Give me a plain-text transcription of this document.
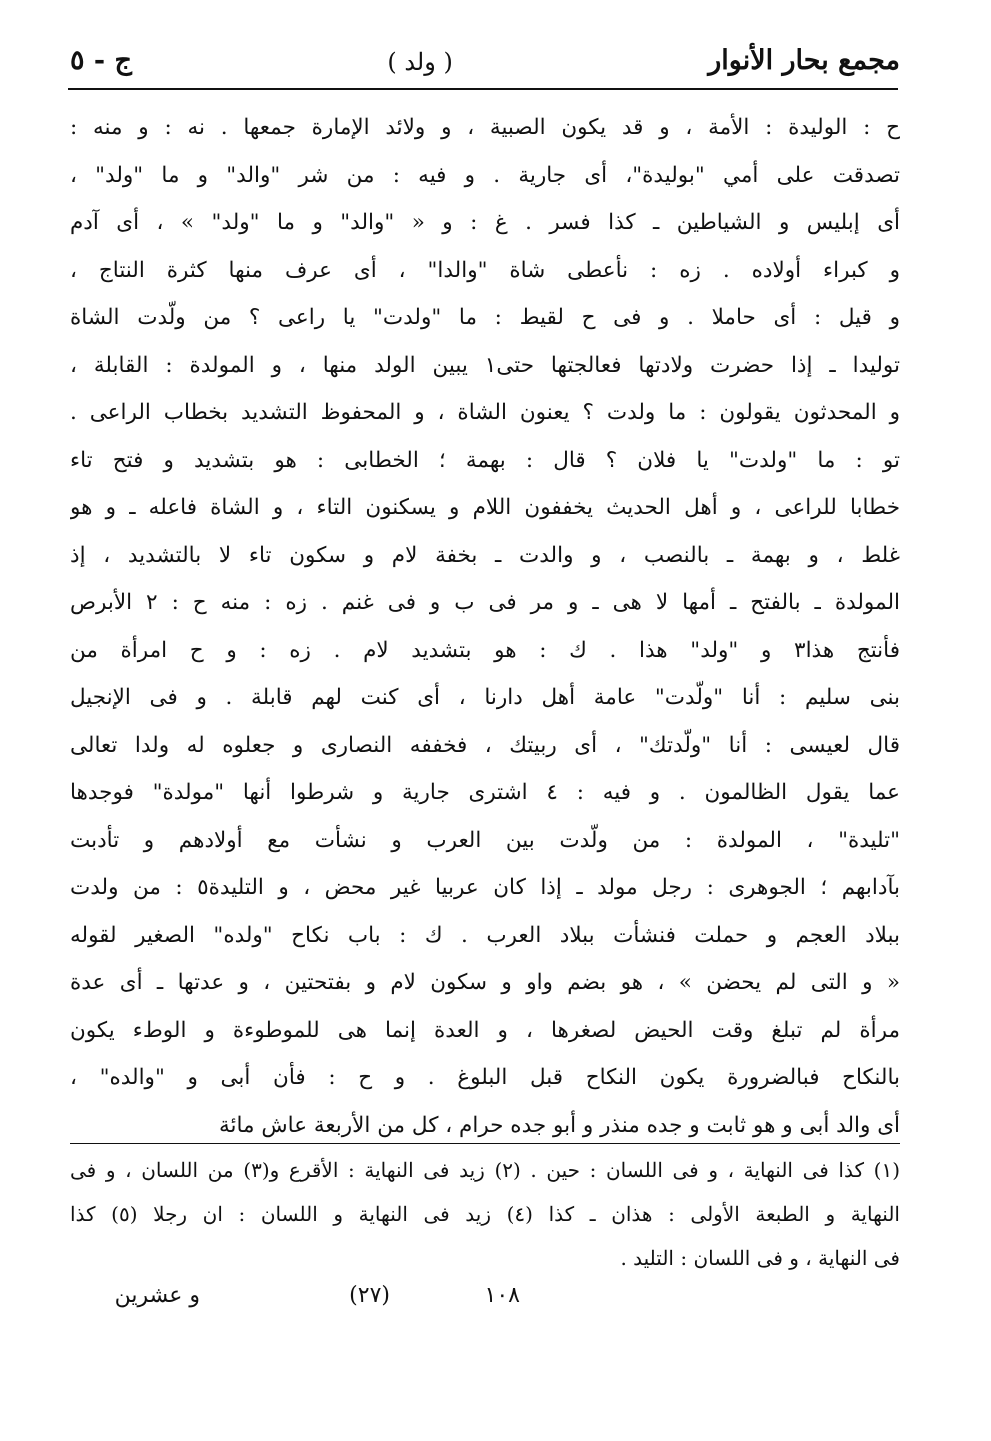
مجمع بحار الأنوار
( ولد )
ج - ٥
ح : الوليدة : الأمة ، و قد يكون الصبية ، و ولائد الإمارة جمعها . نه : و منه :
تصدقت على أمي "بوليدة"، أى جارية . و فيه : من شر "والد" و ما "ولد" ،
أى إبليس و الشياطين ـ كذا فسر . غ : و « "والد" و ما "ولد" » ، أى آدم
و كبراء أولاده . زه : نأعطى شاة "والدا" ، أى عرف منها كثرة النتاج ،
و قيل : أى حاملا . و فى ح لقيط : ما "ولدت" يا راعى ؟ من ولّدت الشاة
توليدا ـ إذا حضرت ولادتها فعالجتها حتى١ يبين الولد منها ، و المولدة : القابلة ،
و المحدثون يقولون : ما ولدت ؟ يعنون الشاة ، و المحفوظ التشديد بخطاب الراعى .
تو : ما "ولدت" يا فلان ؟ قال : بهمة ؛ الخطابى : هو بتشديد و فتح تاء
خطابا للراعى ، و أهل الحديث يخففون اللام و يسكنون التاء ، و الشاة فاعله ـ و هو
غلط ، و بهمة ـ بالنصب ، و والدت ـ بخفة لام و سكون تاء لا بالتشديد ، إذ
المولدة ـ بالفتح ـ أمها لا هى ـ و مر فى ب و فى غنم . زه : منه ح : ٢ الأبرص
فأنتج هذا٣ و "ولد" هذا . ك : هو بتشديد لام . زه : و ح امرأة من
بنى سليم : أنا "ولّدت" عامة أهل دارنا ، أى كنت لهم قابلة . و فى الإنجيل
قال لعيسى : أنا "ولّدتك" ، أى ربيتك ، فخففه النصارى و جعلوه له ولدا تعالى
عما يقول الظالمون . و فيه : ٤ اشترى جارية و شرطوا أنها "مولدة" فوجدها
"تليدة" ، المولدة : من ولّدت بين العرب و نشأت مع أولادهم و تأدبت
بآدابهم ؛ الجوهرى : رجل مولد ـ إذا كان عربيا غير محض ، و التليدة٥ : من ولدت
ببلاد العجم و حملت فنشأت ببلاد العرب . ك : باب نكاح "ولده" الصغير لقوله
« و التى لم يحضن » ، هو بضم واو و سكون لام و بفتحتين ، و عدتها ـ أى عدة
مرأة لم تبلغ وقت الحيض لصغرها ، و العدة إنما هى للموطوءة و الوطء يكون
بالنكاح فبالضرورة يكون النكاح قبل البلوغ . و ح : فأن أبى و "والده" ،
أى والد أبى و هو ثابت و جده منذر و أبو جده حرام ، كل من الأربعة عاش مائة
(١) كذا فى النهاية ، و فى اللسان : حين . (٢) زيد فى النهاية : الأقرع و(٣) من اللسان ، و فى
النهاية و الطبعة الأولى : هذان ـ كذا (٤) زيد فى النهاية و اللسان : ان رجلا (٥) كذا
فى النهاية ، و فى اللسان : التليد .
١٠٨
(٢٧)
و عشرين
